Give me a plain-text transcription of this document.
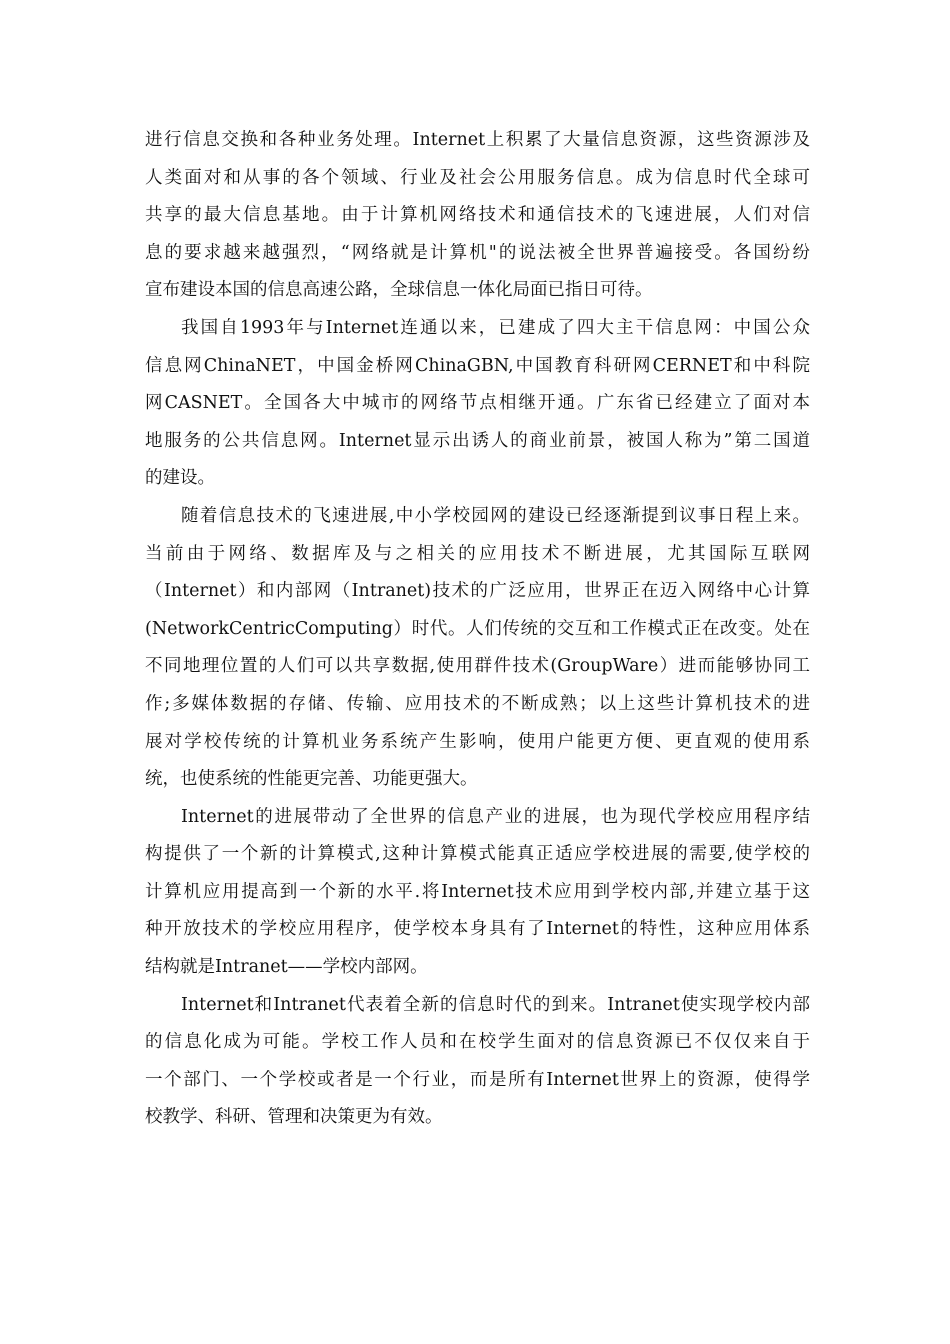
进行信息交换和各种业务处理。Internet上积累了大量信息资源，这些资源涉及
人类面对和从事的各个领域、行业及社会公用服务信息。成为信息时代全球可
共享的最大信息基地。由于计算机网络技术和通信技术的飞速进展，人们对信
息的要求越来越强烈，“网络就是计算机"的说法被全世界普遍接受。各国纷纷
宣布建设本国的信息高速公路，全球信息一体化局面已指日可待。
我国自1993年与Internet连通以来，已建成了四大主干信息网：中国公众
信息网ChinaNET，中国金桥网ChinaGBN,中国教育科研网CERNET和中科院
网CASNET。全国各大中城市的网络节点相继开通。广东省已经建立了面对本
地服务的公共信息网。Internet显示出诱人的商业前景，被国人称为”第二国道
的建设。
随着信息技术的飞速进展,中小学校园网的建设已经逐渐提到议事日程上来。
当前由于网络、数据库及与之相关的应用技术不断进展，尤其国际互联网
（Internet）和内部网（Intranet)技术的广泛应用，世界正在迈入网络中心计算
(NetworkCentricComputing）时代。人们传统的交互和工作模式正在改变。处在
不同地理位置的人们可以共享数据,使用群件技术(GroupWare）进而能够协同工
作;多媒体数据的存储、传输、应用技术的不断成熟；以上这些计算机技术的进
展对学校传统的计算机业务系统产生影响，使用户能更方便、更直观的使用系
统，也使系统的性能更完善、功能更强大。
Internet的进展带动了全世界的信息产业的进展，也为现代学校应用程序结
构提供了一个新的计算模式,这种计算模式能真正适应学校进展的需要,使学校的
计算机应用提高到一个新的水平.将Internet技术应用到学校内部,并建立基于这
种开放技术的学校应用程序，使学校本身具有了Internet的特性，这种应用体系
结构就是Intranet——学校内部网。
Internet和Intranet代表着全新的信息时代的到来。Intranet使实现学校内部
的信息化成为可能。学校工作人员和在校学生面对的信息资源已不仅仅来自于
一个部门、一个学校或者是一个行业，而是所有Internet世界上的资源，使得学
校教学、科研、管理和决策更为有效。
